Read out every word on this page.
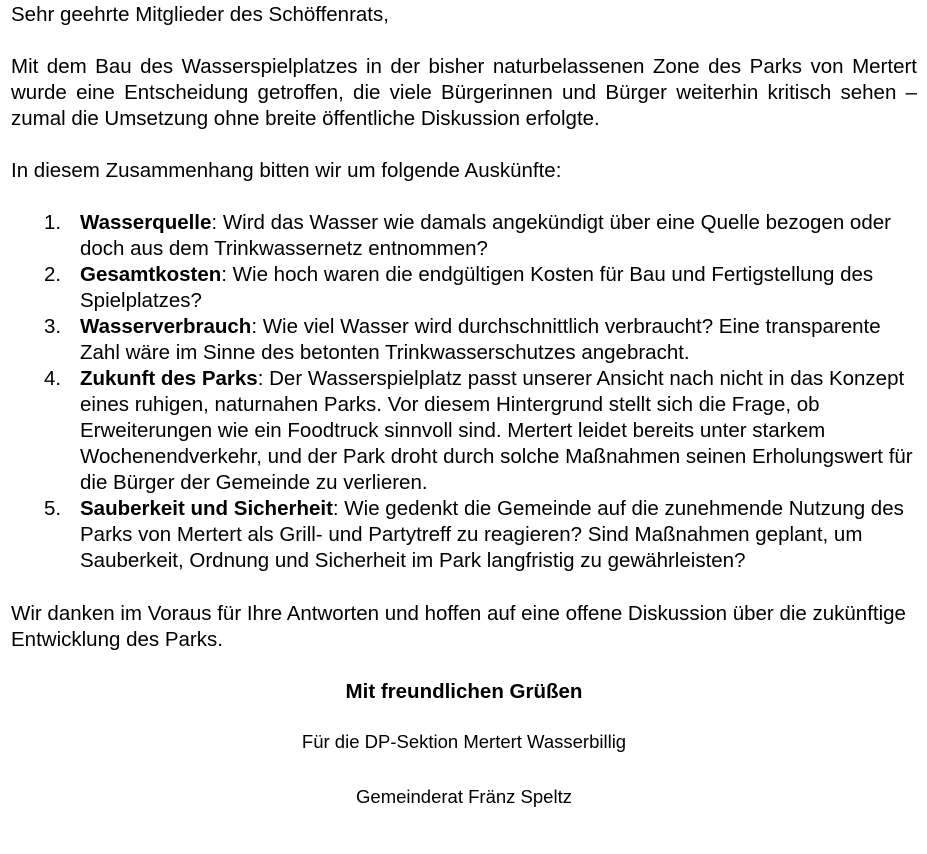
Sehr geehrte Mitglieder des Schöffenrats,

Mit dem Bau des Wasserspielplatzes in der bisher naturbelassenen Zone des Parks von Mertert wurde eine Entscheidung getroffen, die viele Bürgerinnen und Bürger weiterhin kritisch sehen – zumal die Umsetzung ohne breite öffentliche Diskussion erfolgte.

In diesem Zusammenhang bitten wir um folgende Auskünfte:

1. Wasserquelle: Wird das Wasser wie damals angekündigt über eine Quelle bezogen oder doch aus dem Trinkwassernetz entnommen?
2. Gesamtkosten: Wie hoch waren die endgültigen Kosten für Bau und Fertigstellung des Spielplatzes?
3. Wasserverbrauch: Wie viel Wasser wird durchschnittlich verbraucht? Eine transparente Zahl wäre im Sinne des betonten Trinkwasserschutzes angebracht.
4. Zukunft des Parks: Der Wasserspielplatz passt unserer Ansicht nach nicht in das Konzept eines ruhigen, naturnahen Parks. Vor diesem Hintergrund stellt sich die Frage, ob Erweiterungen wie ein Foodtruck sinnvoll sind. Mertert leidet bereits unter starkem Wochenendverkehr, und der Park droht durch solche Maßnahmen seinen Erholungswert für die Bürger der Gemeinde zu verlieren.
5. Sauberkeit und Sicherheit: Wie gedenkt die Gemeinde auf die zunehmende Nutzung des Parks von Mertert als Grill- und Partytreff zu reagieren? Sind Maßnahmen geplant, um Sauberkeit, Ordnung und Sicherheit im Park langfristig zu gewährleisten?

Wir danken im Voraus für Ihre Antworten und hoffen auf eine offene Diskussion über die zukünftige Entwicklung des Parks.

Mit freundlichen Grüßen

Für die DP-Sektion Mertert Wasserbillig

Gemeinderat Fränz Speltz
